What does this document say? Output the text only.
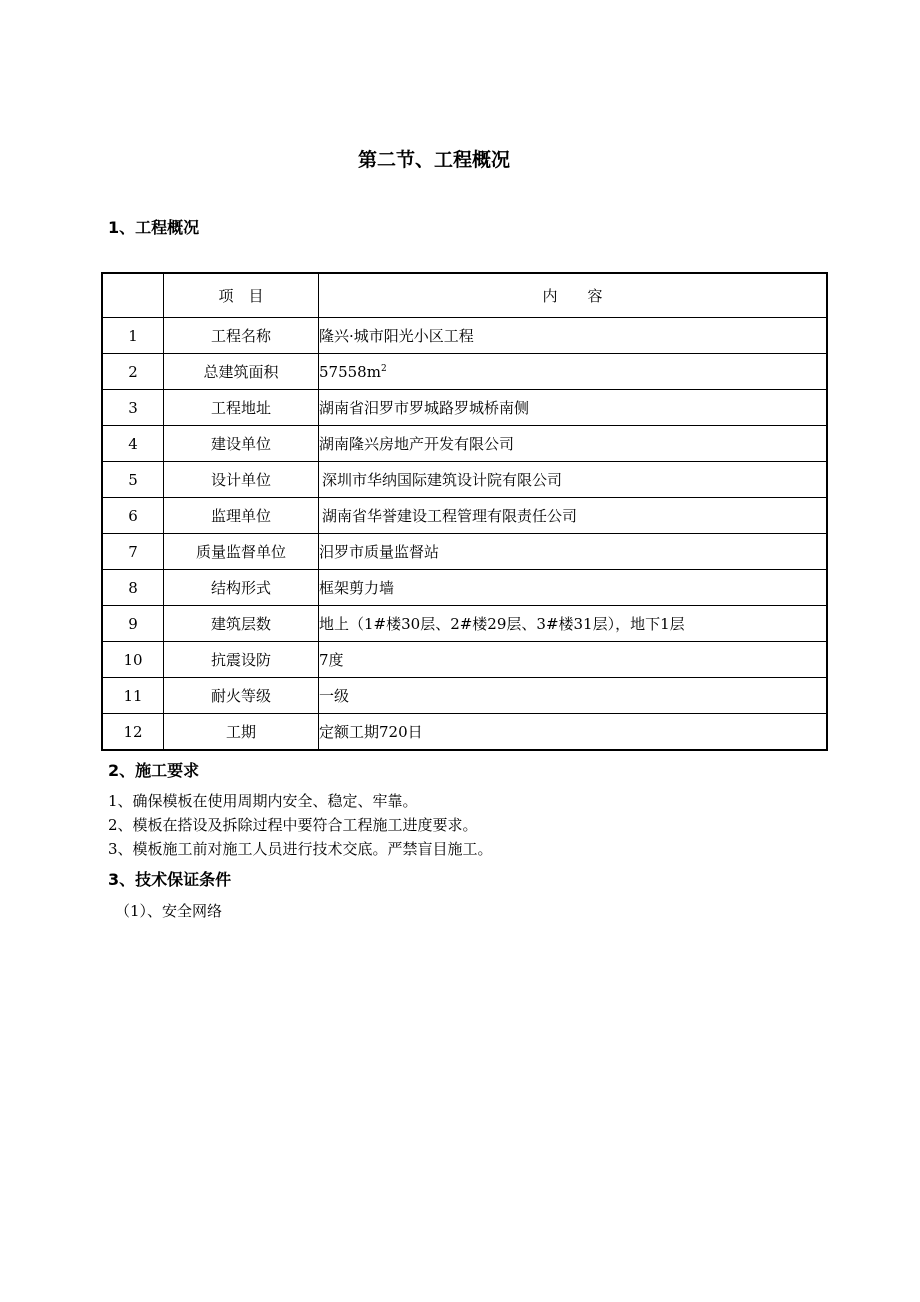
第二节、工程概况
1、工程概况
	项　目	内　　容
1	工程名称	隆兴·城市阳光小区工程
2	总建筑面积	$57558m^2$
3	工程地址	湖南省汨罗市罗城路罗城桥南侧
4	建设单位	湖南隆兴房地产开发有限公司
5	设计单位	深圳市华纳国际建筑设计院有限公司
6	监理单位	湖南省华誉建设工程管理有限责任公司
7	质量监督单位	汨罗市质量监督站
8	结构形式	框架剪力墙
9	建筑层数	地上（1#楼30层、2#楼29层、3#楼31层），地下1层
10	抗震设防	7度
11	耐火等级	一级
12	工期	定额工期720日
2、施工要求
1、确保模板在使用周期内安全、稳定、牢靠。
2、模板在搭设及拆除过程中要符合工程施工进度要求。
3、模板施工前对施工人员进行技术交底。严禁盲目施工。
3、技术保证条件
（1）、安全网络
